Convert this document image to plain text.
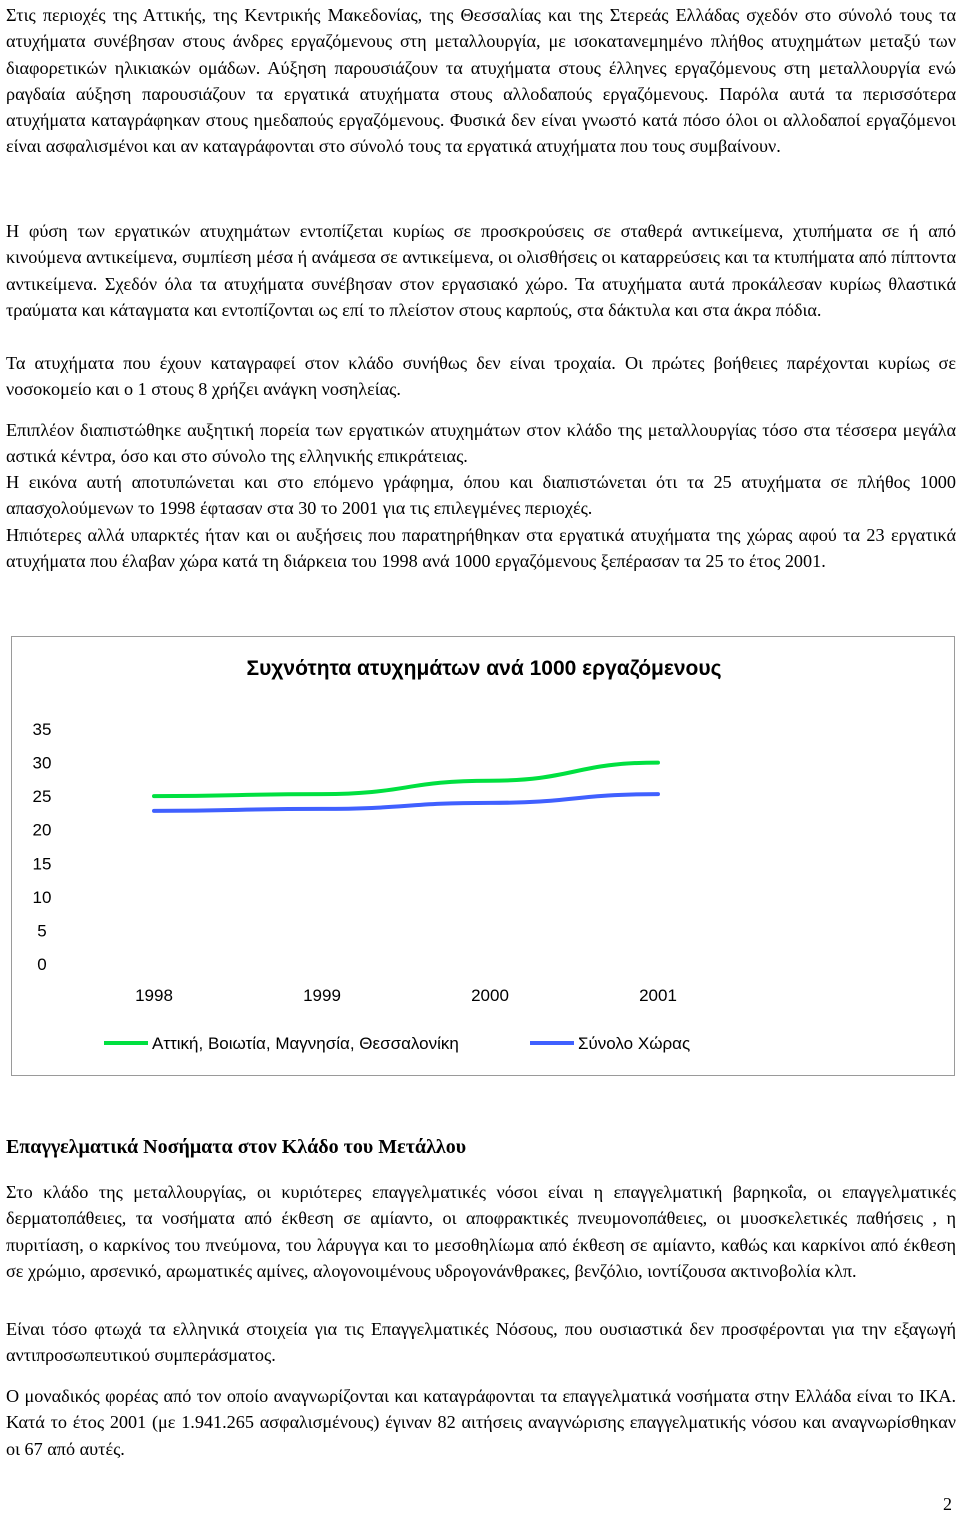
Στις περιοχές της Αττικής, της Κεντρικής Μακεδονίας, της Θεσσαλίας και της Στερεάς Ελλάδας σχεδόν στο σύνολό τους τα ατυχήματα συνέβησαν στους άνδρες εργαζόμενους στη μεταλλουργία, με ισοκατανεμημένο πλήθος ατυχημάτων μεταξύ των διαφορετικών ηλικιακών ομάδων. Αύξηση παρουσιάζουν τα ατυχήματα στους έλληνες εργαζόμενους στη μεταλλουργία ενώ ραγδαία αύξηση παρουσιάζουν τα εργατικά ατυχήματα στους αλλοδαπούς εργαζόμενους. Παρόλα αυτά τα περισσότερα ατυχήματα καταγράφηκαν στους ημεδαπούς εργαζόμενους. Φυσικά δεν είναι γνωστό κατά πόσο όλοι οι αλλοδαποί εργαζόμενοι είναι ασφαλισμένοι και αν καταγράφονται στο σύνολό τους τα εργατικά ατυχήματα που τους συμβαίνουν.

Η φύση των εργατικών ατυχημάτων εντοπίζεται κυρίως σε προσκρούσεις σε σταθερά αντικείμενα, χτυπήματα σε ή από κινούμενα αντικείμενα, συμπίεση μέσα ή ανάμεσα σε αντικείμενα, οι ολισθήσεις οι καταρρεύσεις και τα κτυπήματα από πίπτοντα αντικείμενα. Σχεδόν όλα τα ατυχήματα συνέβησαν στον εργασιακό χώρο. Τα ατυχήματα αυτά προκάλεσαν κυρίως θλαστικά τραύματα και κάταγματα και εντοπίζονται ως επί το πλείστον στους καρπούς, στα δάκτυλα και στα άκρα πόδια.

Τα ατυχήματα που έχουν καταγραφεί στον κλάδο συνήθως δεν είναι τροχαία. Οι πρώτες βοήθειες παρέχονται κυρίως σε νοσοκομείο και ο 1 στους 8 χρήζει ανάγκη νοσηλείας.

Επιπλέον διαπιστώθηκε αυξητική πορεία των εργατικών ατυχημάτων στον κλάδο της μεταλλουργίας τόσο στα τέσσερα μεγάλα αστικά κέντρα, όσο και στο σύνολο της ελληνικής επικράτειας.

Η εικόνα αυτή αποτυπώνεται και στο επόμενο γράφημα, όπου και διαπιστώνεται ότι τα 25 ατυχήματα σε πλήθος 1000 απασχολούμενων το 1998 έφτασαν στα 30 το 2001 για τις επιλεγμένες περιοχές.

Ηπιότερες αλλά υπαρκτές ήταν και οι αυξήσεις που παρατηρήθηκαν στα εργατικά ατυχήματα της χώρας αφού τα 23 εργατικά ατυχήματα που έλαβαν χώρα κατά τη διάρκεια του 1998 ανά 1000 εργαζόμενους ξεπέρασαν τα 25 το έτος 2001.

Συχνότητα ατυχημάτων ανά 1000 εργαζόμενους
0
5
10
15
20
25
30
35
1998	1999	2000	2001
Αττική, Βοιωτία, Μαγνησία, Θεσσαλονίκη	Σύνολο Χώρας
Επαγγελματικά Νοσήματα στον Κλάδο του Μετάλλου

Στο κλάδο της μεταλλουργίας, οι κυριότερες επαγγελματικές νόσοι είναι η επαγγελματική βαρηκοΐα, οι επαγγελματικές δερματοπάθειες, τα νοσήματα από έκθεση σε αμίαντο, οι αποφρακτικές πνευμονοπάθειες, οι μυοσκελετικές παθήσεις , η πυριτίαση, ο καρκίνος του πνεύμονα, του λάρυγγα και το μεσοθηλίωμα από έκθεση σε αμίαντο, καθώς και καρκίνοι από έκθεση σε χρώμιο, αρσενικό, αρωματικές αμίνες, αλογονοιμένους υδρογονάνθρακες, βενζόλιο, ιοντίζουσα ακτινοβολία κλπ.

Είναι τόσο φτωχά τα ελληνικά στοιχεία για τις Επαγγελματικές Νόσους, που ουσιαστικά δεν προσφέρονται για την εξαγωγή αντιπροσωπευτικού συμπεράσματος.

Ο μοναδικός φορέας από τον οποίο αναγνωρίζονται και καταγράφονται τα επαγγελματικά νοσήματα στην Ελλάδα είναι το ΙΚΑ. Κατά το έτος 2001 (με 1.941.265 ασφαλισμένους) έγιναν 82 αιτήσεις αναγνώρισης επαγγελματικής νόσου και αναγνωρίσθηκαν οι 67 από αυτές.

2
